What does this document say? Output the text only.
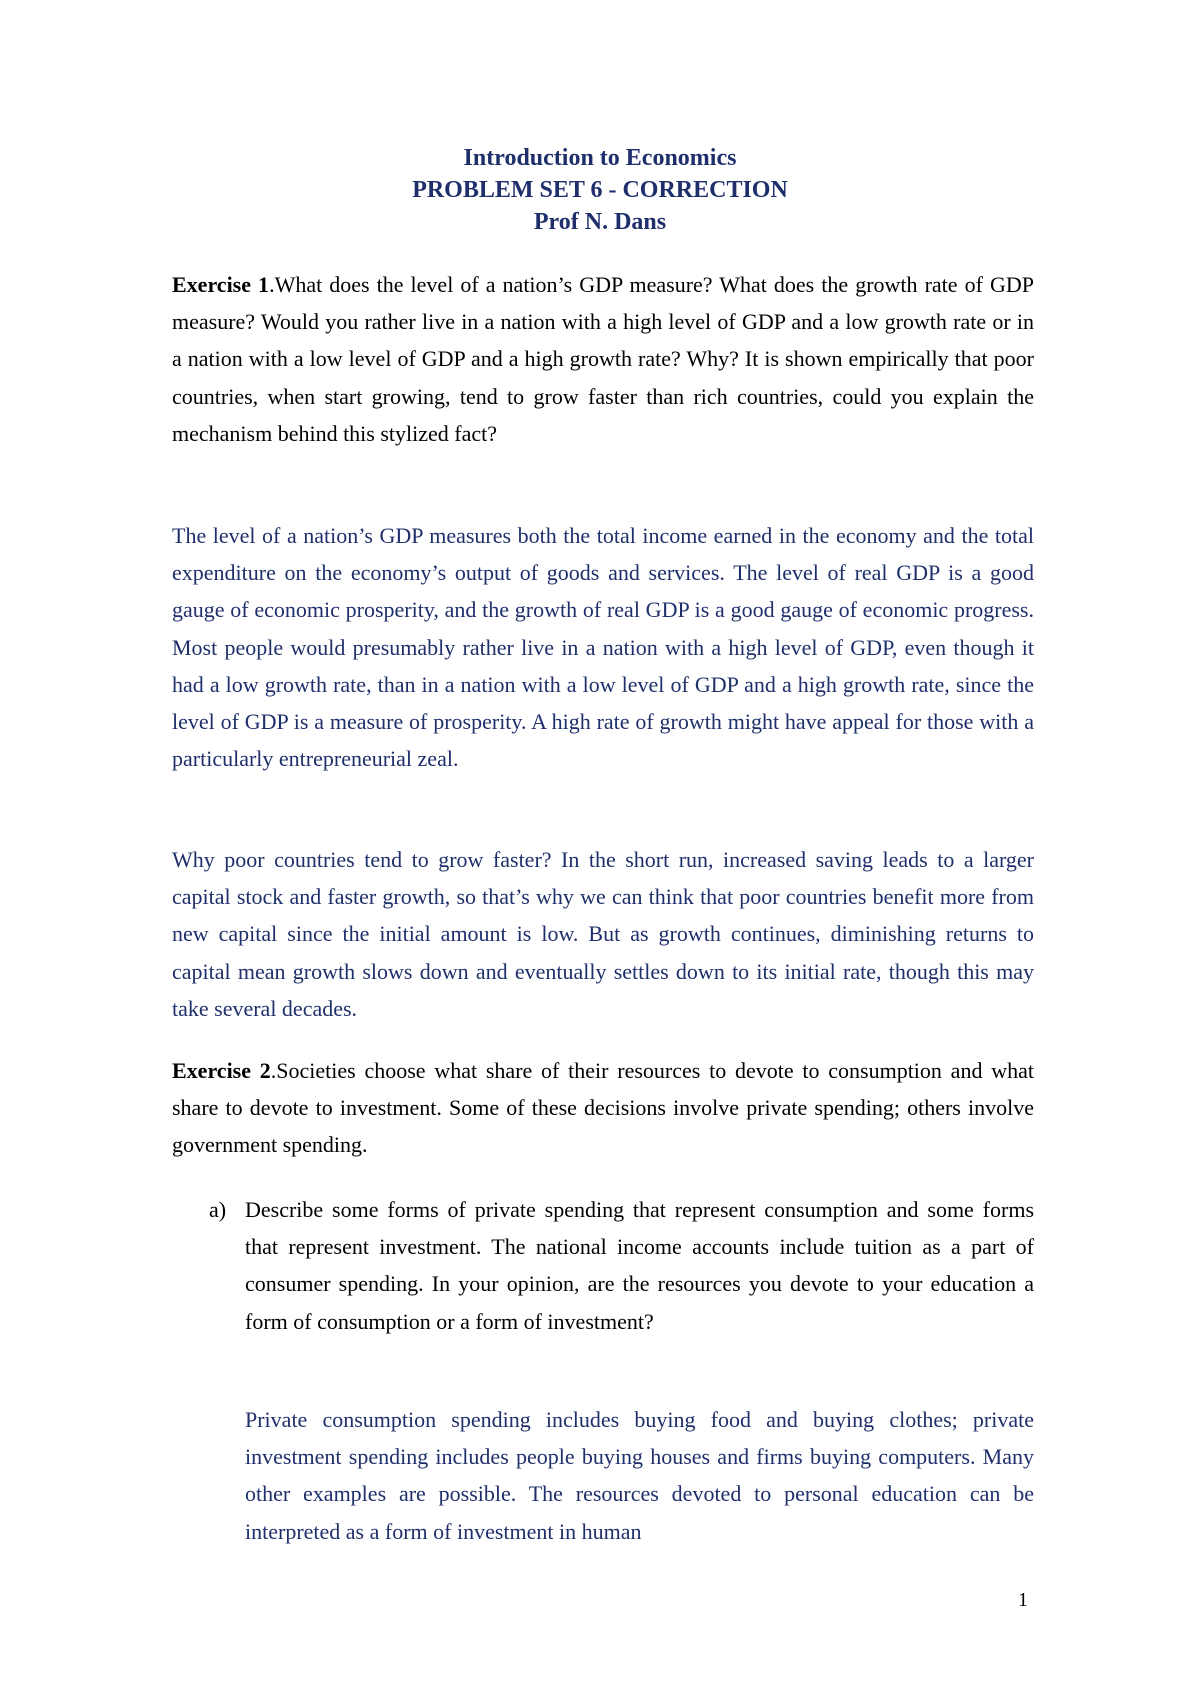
Introduction to Economics
PROBLEM SET 6 - CORRECTION
Prof N. Dans

Exercise 1.What does the level of a nation’s GDP measure? What does the growth rate of GDP measure? Would you rather live in a nation with a high level of GDP and a low growth rate or in a nation with a low level of GDP and a high growth rate? Why? It is shown empirically that poor countries, when start growing, tend to grow faster than rich countries, could you explain the mechanism behind this stylized fact?

The level of a nation’s GDP measures both the total income earned in the economy and the total expenditure on the economy’s output of goods and services. The level of real GDP is a good gauge of economic prosperity, and the growth of real GDP is a good gauge of economic progress. Most people would presumably rather live in a nation with a high level of GDP, even though it had a low growth rate, than in a nation with a low level of GDP and a high growth rate, since the level of GDP is a measure of prosperity. A high rate of growth might have appeal for those with a particularly entrepreneurial zeal.

Why poor countries tend to grow faster? In the short run, increased saving leads to a larger capital stock and faster growth, so that’s why we can think that poor countries benefit more from new capital since the initial amount is low. But as growth continues, diminishing returns to capital mean growth slows down and eventually settles down to its initial rate, though this may take several decades.

Exercise 2.Societies choose what share of their resources to devote to consumption and what share to devote to investment. Some of these decisions involve private spending; others involve government spending.

a) Describe some forms of private spending that represent consumption and some forms that represent investment. The national income accounts include tuition as a part of consumer spending. In your opinion, are the resources you devote to your education a form of consumption or a form of investment?

Private consumption spending includes buying food and buying clothes; private investment spending includes people buying houses and firms buying computers. Many other examples are possible. The resources devoted to personal education can be interpreted as a form of investment in human

1
